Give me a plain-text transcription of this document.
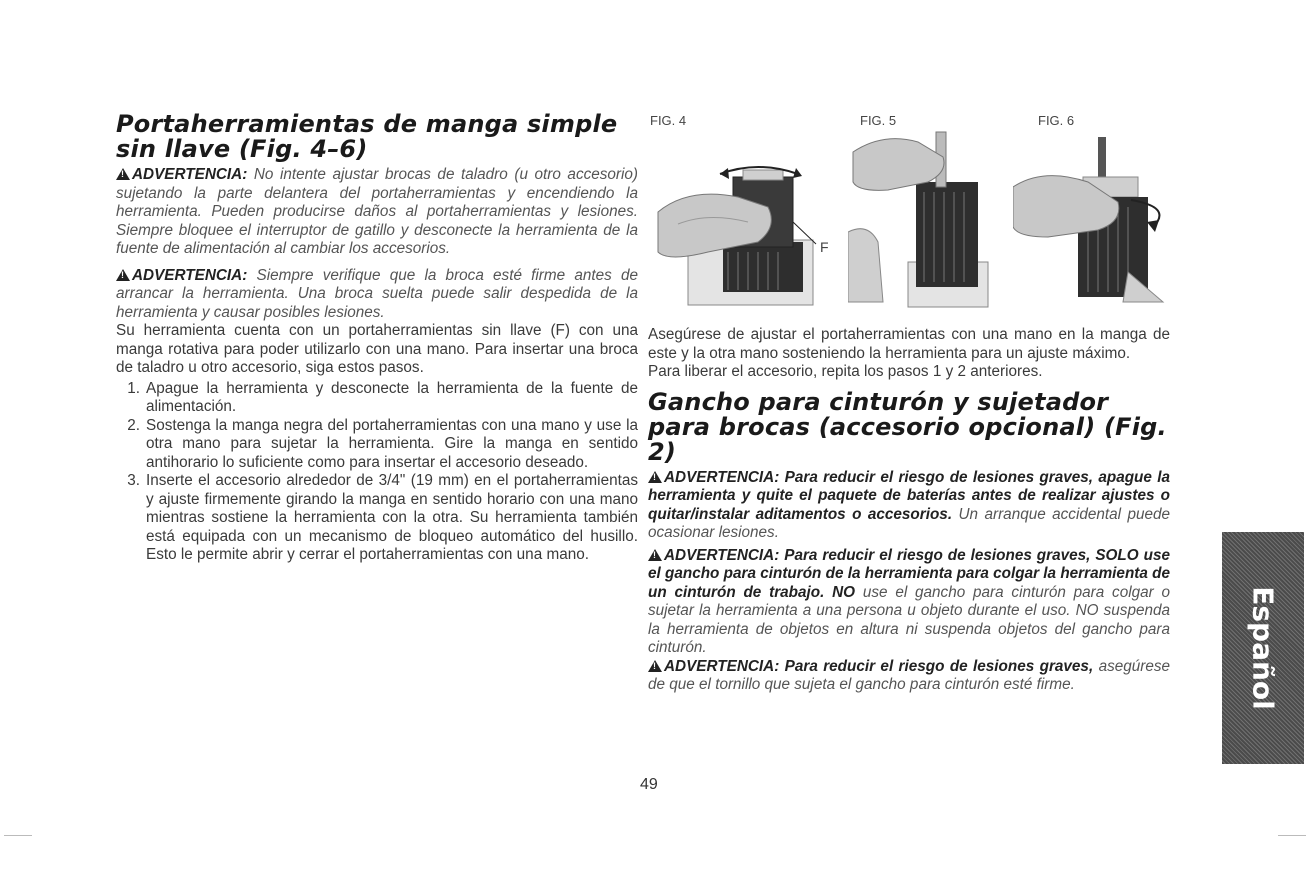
Portaherramientas de manga simple sin llave (Fig. 4–6)

!ADVERTENCIA: No intente ajustar brocas de taladro (u otro accesorio) sujetando la parte delantera del portaherramientas y encendiendo la herramienta. Pueden producirse daños al portaherramientas y lesiones. Siempre bloquee el interruptor de gatillo y desconecte la herramienta de la fuente de alimentación al cambiar los accesorios.

!ADVERTENCIA: Siempre verifique que la broca esté firme antes de arrancar la herramienta. Una broca suelta puede salir despedida de la herramienta y causar posibles lesiones.

Su herramienta cuenta con un portaherramientas sin llave (F) con una manga rotativa para poder utilizarlo con una mano. Para insertar una broca de taladro u otro accesorio, siga estos pasos.

1. Apague la herramienta y desconecte la herramienta de la fuente de alimentación.
2. Sostenga la manga negra del portaherramientas con una mano y use la otra mano para sujetar la herramienta. Gire la manga en sentido antihorario lo suficiente como para insertar el accesorio deseado.
3. Inserte el accesorio alrededor de 3/4" (19 mm) en el portaherramientas y ajuste firmemente girando la manga en sentido horario con una mano mientras sostiene la herramienta con la otra. Su herramienta también está equipada con un mecanismo de bloqueo automático del husillo. Esto le permite abrir y cerrar el portaherramientas con una mano.
FIG. 4
F
FIG. 5	FIG. 6

Asegúrese de ajustar el portaherramientas con una mano en la manga de este y la otra mano sosteniendo la herramienta para un ajuste máximo.

Para liberar el accesorio, repita los pasos 1 y 2 anteriores.

Gancho para cinturón y sujetador para brocas (accesorio opcional) (Fig. 2)

!ADVERTENCIA: Para reducir el riesgo de lesiones graves, apague la herramienta y quite el paquete de baterías antes de realizar ajustes o quitar/instalar aditamentos o accesorios. Un arranque accidental puede ocasionar lesiones.

!ADVERTENCIA: Para reducir el riesgo de lesiones graves, SOLO use el gancho para cinturón de la herramienta para colgar la herramienta de un cinturón de trabajo. NO use el gancho para cinturón para colgar o sujetar la herramienta a una persona u objeto durante el uso. NO suspenda la herramienta de objetos en altura ni suspenda objetos del gancho para cinturón.

!ADVERTENCIA: Para reducir el riesgo de lesiones graves, asegúrese de que el tornillo que sujeta el gancho para cinturón esté firme.	Español
49
